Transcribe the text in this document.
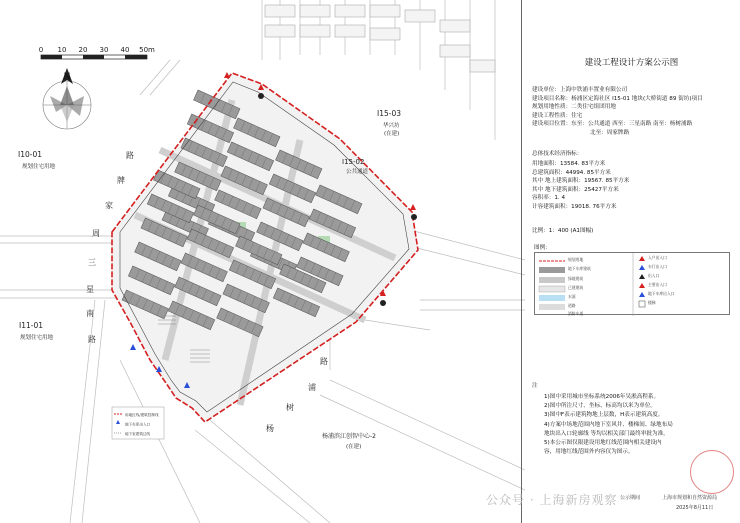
0 10 20 30 40 50m
N
I15-03
华兴坊
(在建)
I15-02
公共通道
I10-01
规划住宅用地
I11-01
规划住宅用地
杨浦滨江创智中心-2
(在建)
路
牌
家
周
三
星
南
路
路
浦
树
杨
用地红线/建筑控制线
地下车库出入口
地下室建筑边线
建设工程设计方案公示图
建设单位：上海中铁浦丰置业有限公司
建设项目名称：杨浦区定海社区 I15-01 地块(大桥街道 89 街坊)项目
规划用地性质：二类住宅组团用地
建设工程性质：住宅
建设项目位置：东至：公共通道 西至：三星南路 南至：杨树浦路
北至：周家牌路
总体技术经济指标：
用地面积：13584. 83平方米
总建筑面积：44994. 85平方米
其中 地上建筑面积：19567. 85平方米
其中 地下建筑面积：25427平方米
容积率：1. 4
计容建筑面积：19018. 76平方米
比例：1：400 (A1图幅)
图例：
规划用地
地下车库建筑
绿地建筑
已建建筑
水面
道路
消防车道
入户出入口
车行出入口
出入口
主要出入口
地下车库出入口
楼梯
注
1)图中采用城市坐标系统2006年吴淞高程系。
2)图中所注尺寸、坐标、标高均以米为单位。
3)图中F表示建筑物地上层数，H表示建筑高度。
4)方案中场地范围内地下室风井、楼梯间、绿地布局
地块出入口轮廓线 等均以相关部门最终审批为准。
5)本公示图仅限建设用地红线范围内相关建设内
容，用地红线范围外内容仅为图示。
公示期间	上海市规划和自然资源局
2025年8月11日
公众号 · 上海新房观察
